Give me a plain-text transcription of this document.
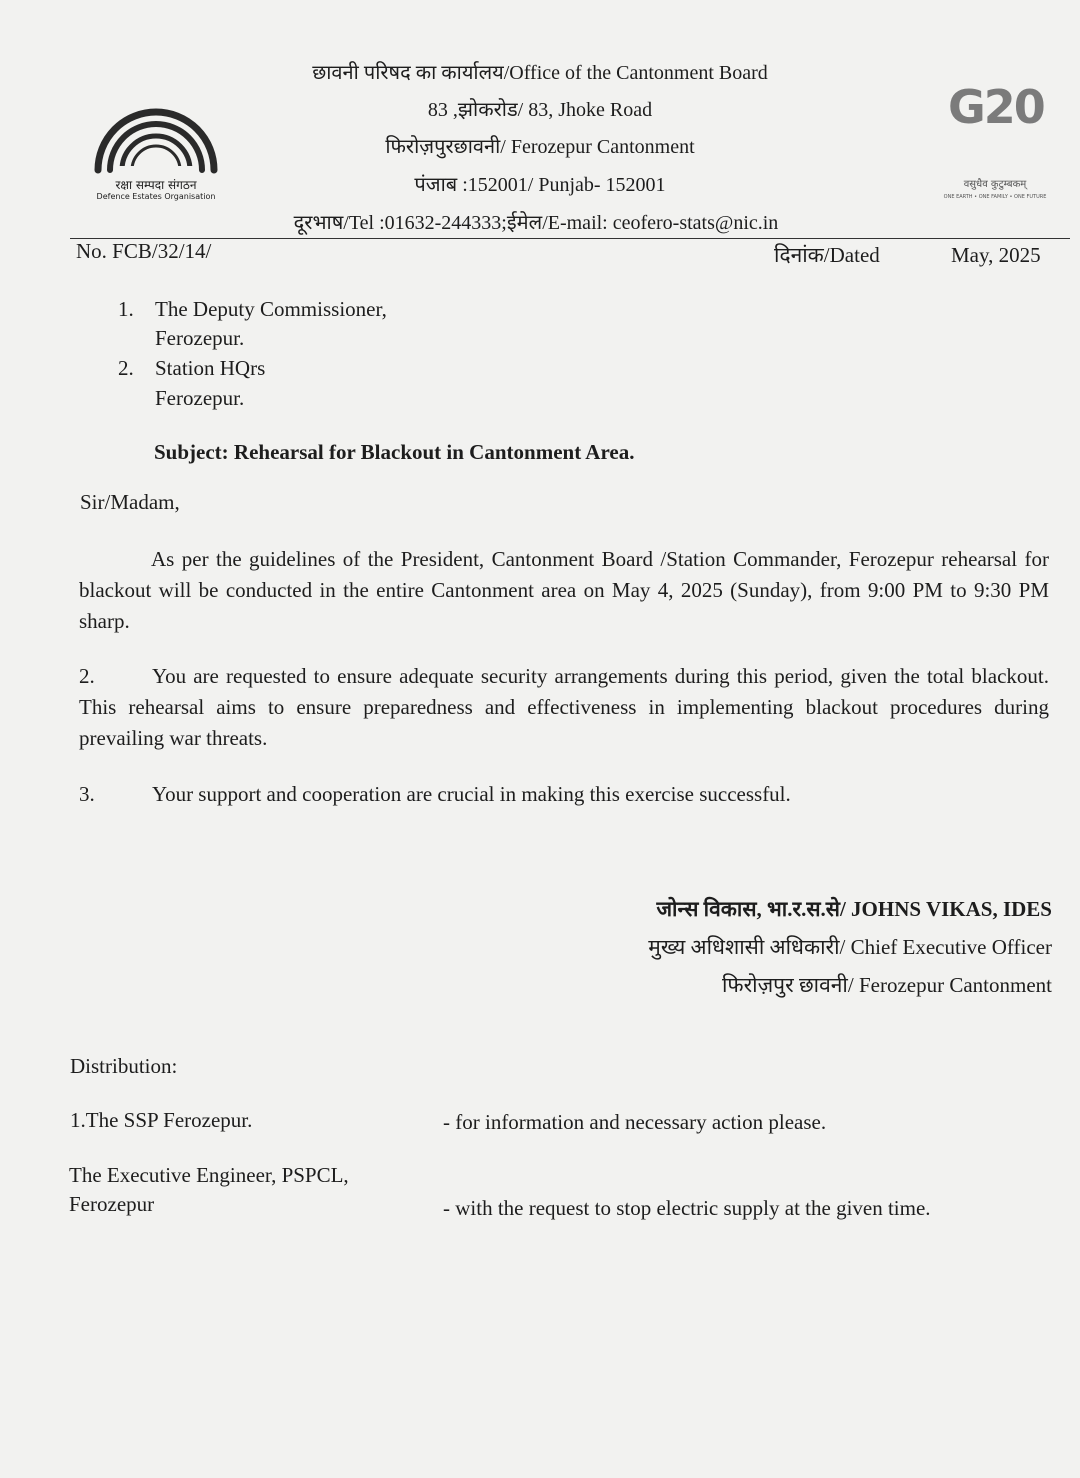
रक्षा सम्पदा संगठन
Defence Estates Organisation
G20
वसुधैव कुटुम्बकम्
ONE EARTH • ONE FAMILY • ONE FUTURE
छावनी परिषद का कार्यालय/Office of the Cantonment Board
83 ,झोकरोड/ 83, Jhoke Road
फिरोज़पुरछावनी/ Ferozepur Cantonment
पंजाब :152001/ Punjab- 152001
दूरभाष/Tel :01632-244333;ईमेल/E-mail: ceofero-stats@nic.in
No. FCB/32/14/	दिनांक/Dated	May, 2025
1. The Deputy Commissioner,
Ferozepur.
2. Station HQrs
Ferozepur.
Subject: Rehearsal for Blackout in Cantonment Area.
Sir/Madam,
As per the guidelines of the President, Cantonment Board /Station Commander, Ferozepur rehearsal for blackout will be conducted in the entire Cantonment area on May 4, 2025 (Sunday), from 9:00 PM to 9:30 PM sharp.
2.	You are requested to ensure adequate security arrangements during this period, given the total blackout. This rehearsal aims to ensure preparedness and effectiveness in implementing blackout procedures during prevailing war threats.
3.	Your support and cooperation are crucial in making this exercise successful.
जोन्स विकास, भा.र.स.से/ JOHNS VIKAS, IDES
मुख्य अधिशासी अधिकारी/ Chief Executive Officer
फिरोज़पुर छावनी/ Ferozepur Cantonment
Distribution:
1.The SSP Ferozepur.	- for information and necessary action please.
The Executive Engineer, PSPCL,
Ferozepur	- with the request to stop electric supply at the given time.
